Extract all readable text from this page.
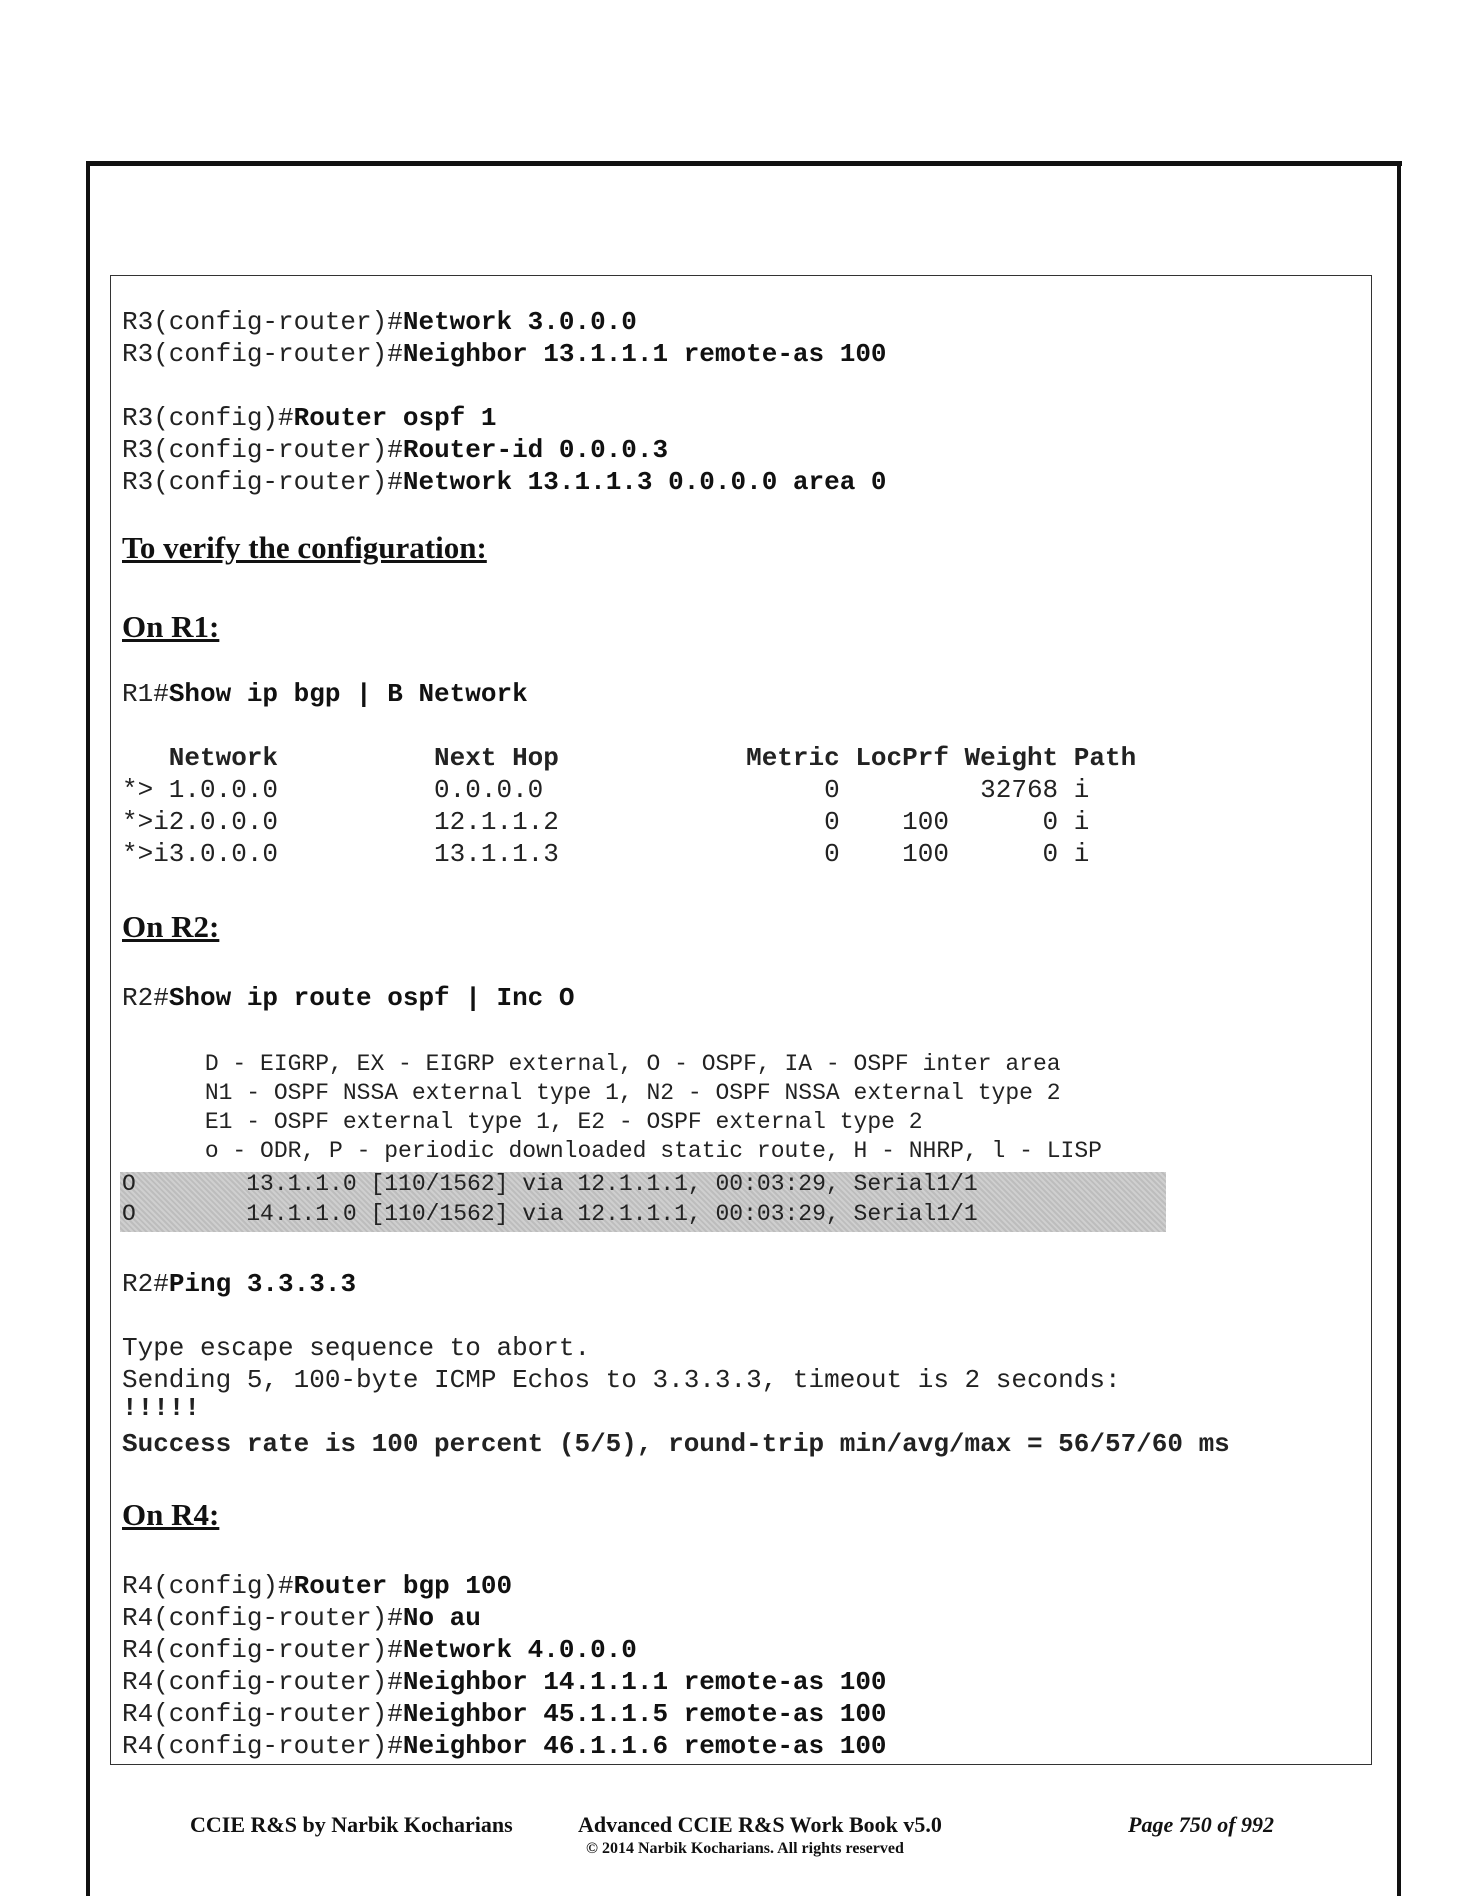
R3(config-router)#Network 3.0.0.0
R3(config-router)#Neighbor 13.1.1.1 remote-as 100
R3(config)#Router ospf 1
R3(config-router)#Router-id 0.0.0.3
R3(config-router)#Network 13.1.1.3 0.0.0.0 area 0
To verify the configuration:
On R1:
R1#Show ip bgp | B Network
Network          Next Hop            Metric LocPrf Weight Path
*> 1.0.0.0          0.0.0.0                  0         32768 i
*>i2.0.0.0          12.1.1.2                 0    100      0 i
*>i3.0.0.0          13.1.1.3                 0    100      0 i
On R2:
R2#Show ip route ospf | Inc O
D - EIGRP, EX - EIGRP external, O - OSPF, IA - OSPF inter area
N1 - OSPF NSSA external type 1, N2 - OSPF NSSA external type 2
E1 - OSPF external type 1, E2 - OSPF external type 2
o - ODR, P - periodic downloaded static route, H - NHRP, l - LISP
O        13.1.1.0 [110/1562] via 12.1.1.1, 00:03:29, Serial1/1
O        14.1.1.0 [110/1562] via 12.1.1.1, 00:03:29, Serial1/1
R2#Ping 3.3.3.3
Type escape sequence to abort.
Sending 5, 100-byte ICMP Echos to 3.3.3.3, timeout is 2 seconds:
!!!!!
Success rate is 100 percent (5/5), round-trip min/avg/max = 56/57/60 ms
On R4:
R4(config)#Router bgp 100
R4(config-router)#No au
R4(config-router)#Network 4.0.0.0
R4(config-router)#Neighbor 14.1.1.1 remote-as 100
R4(config-router)#Neighbor 45.1.1.5 remote-as 100
R4(config-router)#Neighbor 46.1.1.6 remote-as 100
CCIE R&S by Narbik Kocharians	Advanced CCIE R&S Work Book v5.0
© 2014 Narbik Kocharians. All rights reserved
Page 750 of 992
